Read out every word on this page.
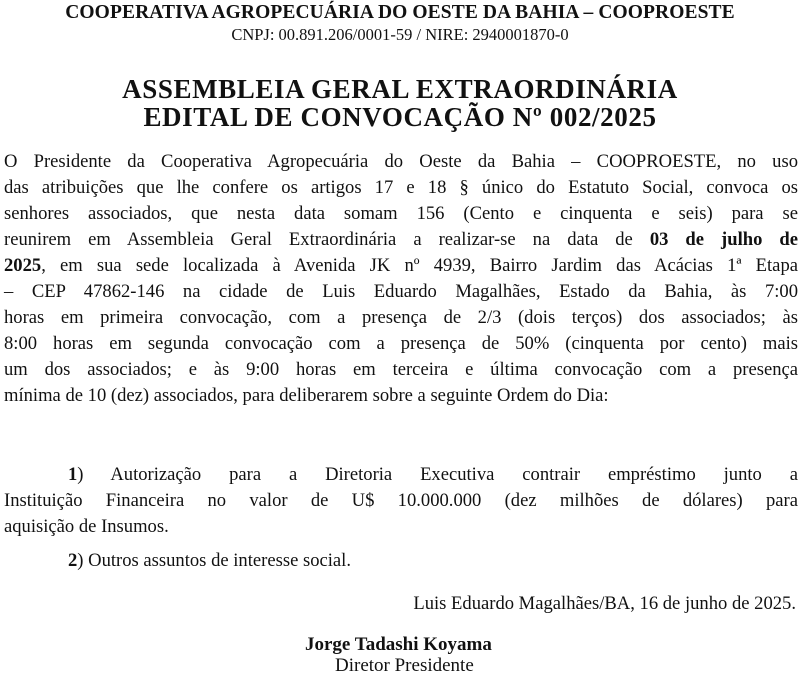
COOPERATIVA AGROPECUÁRIA DO OESTE DA BAHIA – COOPROESTE
CNPJ: 00.891.206/0001-59 / NIRE: 2940001870-0
ASSEMBLEIA GERAL EXTRAORDINÁRIA
EDITAL DE CONVOCAÇÃO Nº 002/2025
O Presidente da Cooperativa Agropecuária do Oeste da Bahia – COOPROESTE, no uso
das atribuições que lhe confere os artigos 17 e 18 § único do Estatuto Social, convoca os
senhores associados, que nesta data somam 156 (Cento e cinquenta e seis) para se
reunirem em Assembleia Geral Extraordinária a realizar-se na data de 03 de julho de
2025, em sua sede localizada à Avenida JK nº 4939, Bairro Jardim das Acácias 1ª Etapa
– CEP 47862-146 na cidade de Luis Eduardo Magalhães, Estado da Bahia, às 7:00
horas em primeira convocação, com a presença de 2/3 (dois terços) dos associados; às
8:00 horas em segunda convocação com a presença de 50% (cinquenta por cento) mais
um dos associados; e às 9:00 horas em terceira e última convocação com a presença
mínima de 10 (dez) associados, para deliberarem sobre a seguinte Ordem do Dia:
1) Autorização para a Diretoria Executiva contrair empréstimo junto a
Instituição Financeira no valor de U$ 10.000.000 (dez milhões de dólares) para
aquisição de Insumos.
2) Outros assuntos de interesse social.
Luis Eduardo Magalhães/BA, 16 de junho de 2025.
Jorge Tadashi Koyama
Diretor Presidente
